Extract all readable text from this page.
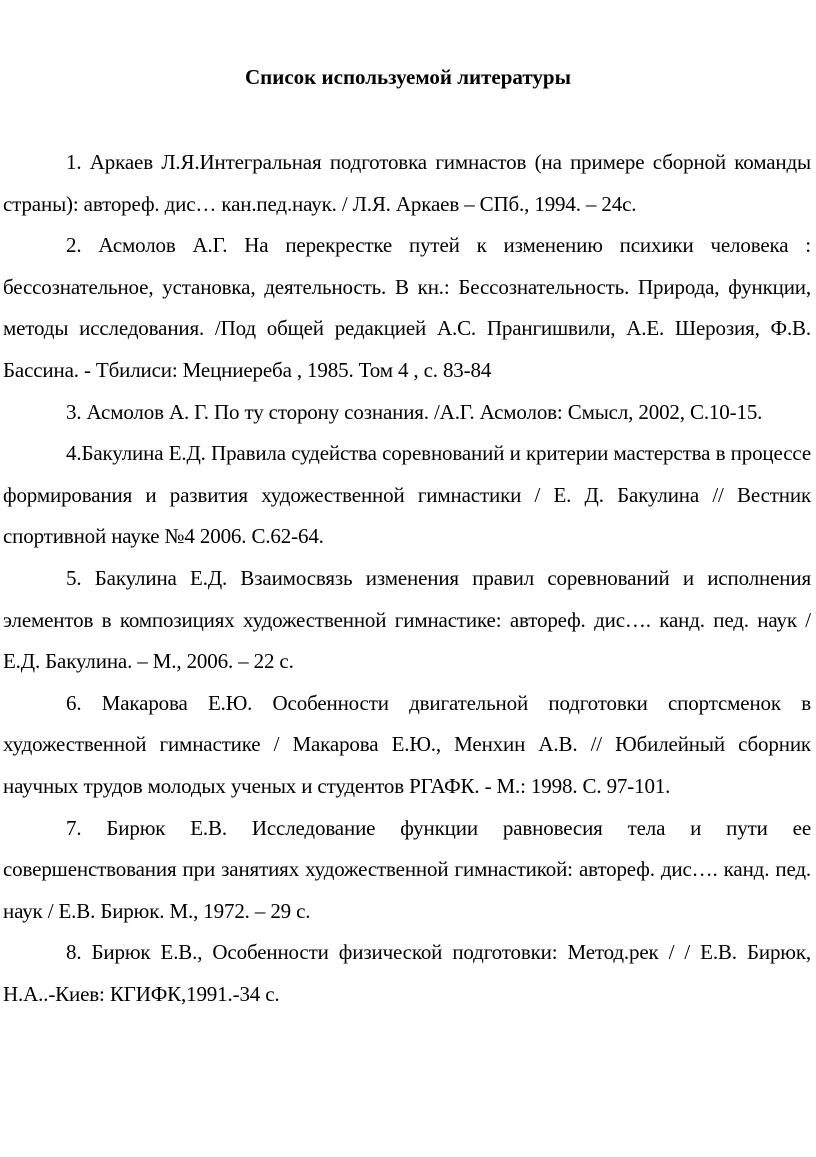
Список используемой литературы
1. Аркаев Л.Я.Интегральная подготовка гимнастов (на примере сборной команды страны): автореф. дис… кан.пед.наук. / Л.Я. Аркаев – СПб., 1994. – 24с.
2. Асмолов А.Г. На перекрестке путей к изменению психики человека : бессознательное, установка, деятельность. В кн.: Бессознательность. Природа, функции, методы исследования. /Под общей редакцией А.С. Прангишвили, А.Е. Шерозия, Ф.В. Бассина. - Тбилиси: Мецниереба , 1985. Том 4 , с. 83-84
3. Асмолов А. Г. По ту сторону сознания. /А.Г. Асмолов: Смысл, 2002, С.10-15.
4.Бакулина Е.Д. Правила судейства соревнований и критерии мастерства в процессе формирования и развития художественной гимнастики / Е. Д. Бакулина // Вестник спортивной науке №4 2006. С.62-64.
5. Бакулина Е.Д. Взаимосвязь изменения правил соревнований и исполнения элементов в композициях художественной гимнастике: автореф. дис…. канд. пед. наук / Е.Д. Бакулина. – М., 2006. – 22 с.
6. Макарова Е.Ю. Особенности двигательной подготовки спортсменок в художественной гимнастике / Макарова Е.Ю., Менхин А.В. // Юбилейный сборник научных трудов молодых ученых и студентов РГАФК. - М.: 1998. С. 97-101.
7. Бирюк Е.В. Исследование функции равновесия тела и пути ее совершенствования при занятиях художественной гимнастикой: автореф. дис…. канд. пед. наук / Е.В. Бирюк. М., 1972. – 29 с.
8. Бирюк Е.В., Особенности физической подготовки: Метод.рек / / Е.В. Бирюк, Н.А..-Киев: КГИФК,1991.-34 с.
